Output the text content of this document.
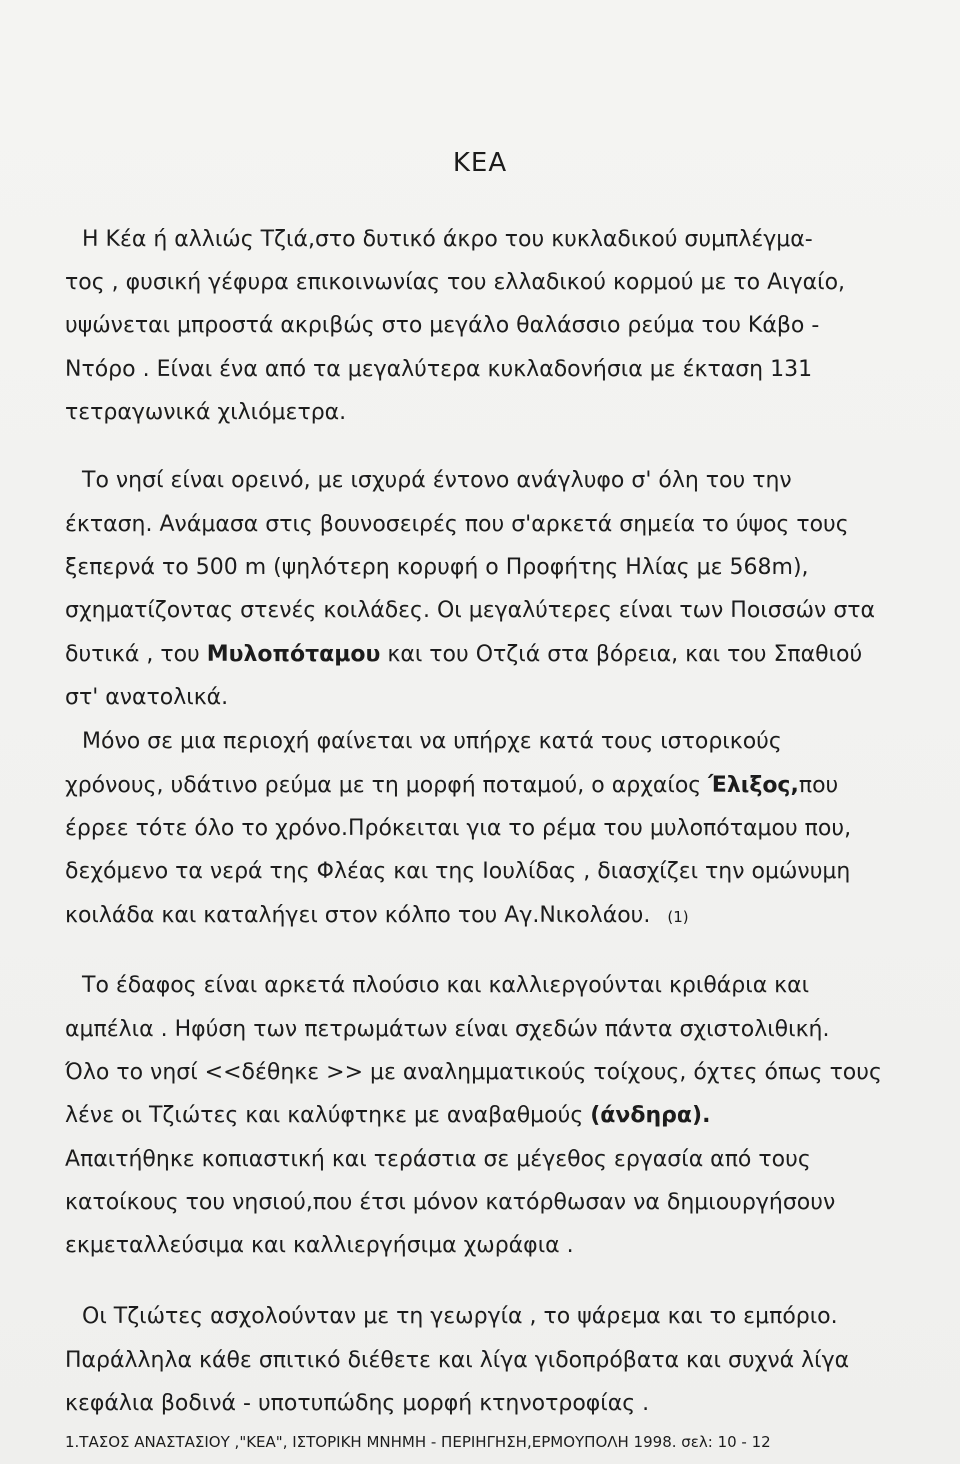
KEA
Η Κέα ή αλλιώς Τζιά,στο δυτικό άκρο του κυκλαδικού συμπλέγμα-
τος , φυσική γέφυρα επικοινωνίας του ελλαδικού κορμού με το Αιγαίο,
υψώνεται μπροστά ακριβώς στο μεγάλο θαλάσσιο ρεύμα του Κάβο -
Ντόρο . Είναι ένα από τα μεγαλύτερα κυκλαδονήσια με έκταση 131
τετραγωνικά χιλιόμετρα.
Το νησί είναι ορεινό, με ισχυρά έντονο ανάγλυφο σ' όλη του την
έκταση. Ανάμασα στις βουνοσειρές που σ'αρκετά σημεία το ύψος τους
ξεπερνά το 500 m (ψηλότερη κορυφή ο Προφήτης Ηλίας με 568m),
σχηματίζοντας στενές κοιλάδες. Οι μεγαλύτερες είναι των Ποισσών στα
δυτικά , του Μυλοπόταμου και του Οτζιά στα βόρεια, και του Σπαθιού
στ' ανατολικά.
Μόνο σε μια περιοχή φαίνεται να υπήρχε κατά τους ιστορικούς
χρόνους, υδάτινο ρεύμα με τη μορφή ποταμού, ο αρχαίος Έλιξος,που
έρρεε τότε όλο το χρόνο.Πρόκειται για το ρέμα του μυλοπόταμου που,
δεχόμενο τα νερά της Φλέας και της Ιουλίδας , διασχίζει την ομώνυμη
κοιλάδα και καταλήγει στον κόλπο του Αγ.Νικολάου. (1)
Το έδαφος είναι αρκετά πλούσιο και καλλιεργούνται κριθάρια και
αμπέλια . Ηφύση των πετρωμάτων είναι σχεδών πάντα σχιστολιθική.
Όλο το νησί <<δέθηκε >> με αναλημματικούς τοίχους, όχτες όπως τους
λένε οι Τζιώτες και καλύφτηκε με αναβαθμούς (άνδηρα).
Απαιτήθηκε κοπιαστική και τεράστια σε μέγεθος εργασία από τους
κατοίκους του νησιού,που έτσι μόνον κατόρθωσαν να δημιουργήσουν
εκμεταλλεύσιμα και καλλιεργήσιμα χωράφια .
Οι Τζιώτες ασχολούνταν με τη γεωργία , το ψάρεμα και το εμπόριο.
Παράλληλα κάθε σπιτικό διέθετε και λίγα γιδοπρόβατα και συχνά λίγα
κεφάλια βοδινά - υποτυπώδης μορφή κτηνοτροφίας .
1.ΤΑΣΟΣ ΑΝΑΣΤΑΣΙΟΥ ,"ΚΕΑ", ΙΣΤΟΡΙΚΗ ΜΝΗΜΗ - ΠΕΡΙΗΓΗΣΗ,ΕΡΜΟΥΠΟΛΗ 1998. σελ: 10 - 12
